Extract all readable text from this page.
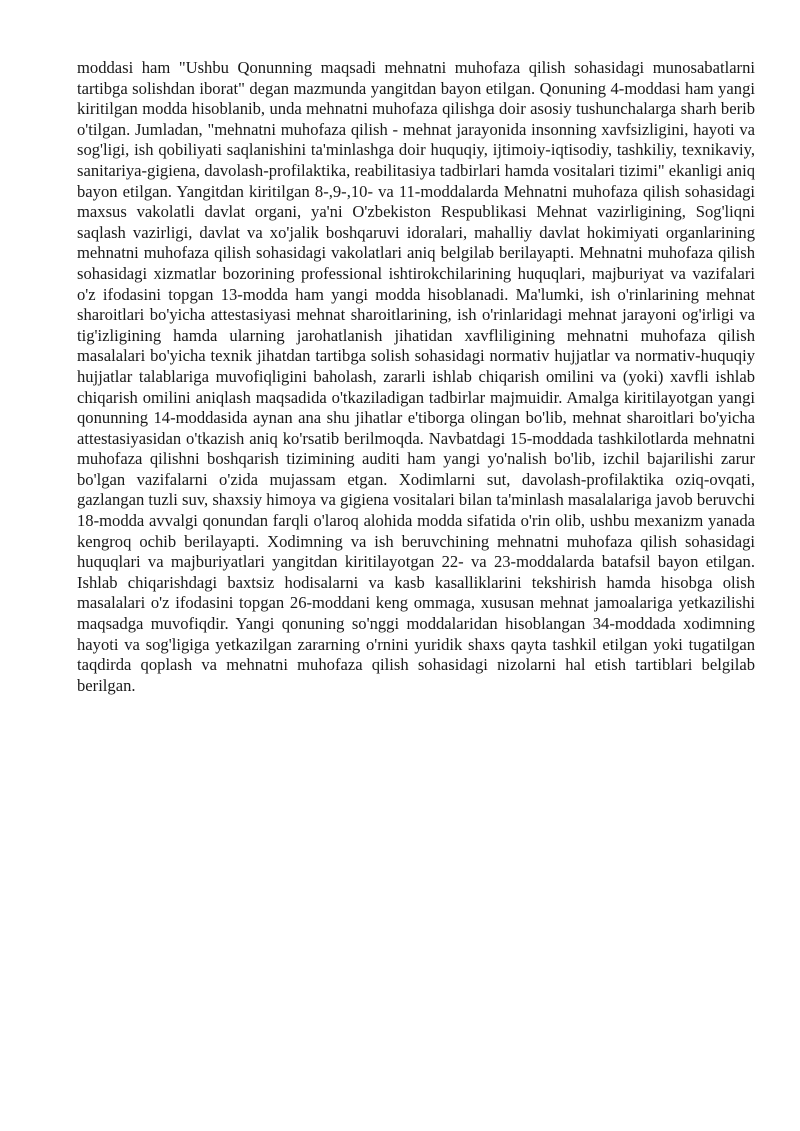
moddasi ham "Ushbu Qonunning maqsadi mehnatni muhofaza qilish sohasidagi munosabatlarni tartibga solishdan iborat" degan mazmunda yangitdan bayon etilgan. Qonuning 4-moddasi ham yangi kiritilgan modda hisoblanib, unda mehnatni muhofaza qilishga doir asosiy tushunchalarga sharh berib o'tilgan. Jumladan, "mehnatni muhofaza qilish - mehnat jarayonida insonning xavfsizligini, hayoti va sog'ligi, ish qobiliyati saqlanishini ta'minlashga doir huquqiy, ijtimoiy-iqtisodiy, tashkiliy, texnikaviy, sanitariya-gigiena, davolash-profilaktika, reabilitasiya tadbirlari hamda vositalari tizimi" ekanligi aniq bayon etilgan. Yangitdan kiritilgan 8-,9-,10- va 11-moddalarda Mehnatni muhofaza qilish sohasidagi maxsus vakolatli davlat organi, ya'ni O'zbekiston Respublikasi Mehnat vazirligining, Sog'liqni saqlash vazirligi, davlat va xo'jalik boshqaruvi idoralari, mahalliy davlat hokimiyati organlarining mehnatni muhofaza qilish sohasidagi vakolatlari aniq belgilab berilayapti. Mehnatni muhofaza qilish sohasidagi xizmatlar bozorining professional ishtirokchilarining huquqlari, majburiyat va vazifalari o'z ifodasini topgan 13-modda ham yangi modda hisoblanadi. Ma'lumki, ish o'rinlarining mehnat sharoitlari bo'yicha attestasiyasi mehnat sharoitlarining, ish o'rinlaridagi mehnat jarayoni og'irligi va tig'izligining hamda ularning jarohatlanish jihatidan xavfliligining mehnatni muhofaza qilish masalalari bo'yicha texnik jihatdan tartibga solish sohasidagi normativ hujjatlar va normativ-huquqiy hujjatlar talablariga muvofiqligini baholash, zararli ishlab chiqarish omilini va (yoki) xavfli ishlab chiqarish omilini aniqlash maqsadida o'tkaziladigan tadbirlar majmuidir. Amalga kiritilayotgan yangi qonunning 14-moddasida aynan ana shu jihatlar e'tiborga olingan bo'lib, mehnat sharoitlari bo'yicha attestasiyasidan o'tkazish aniq ko'rsatib berilmoqda. Navbatdagi 15-moddada tashkilotlarda mehnatni muhofaza qilishni boshqarish tizimining auditi ham yangi yo'nalish bo'lib, izchil bajarilishi zarur bo'lgan vazifalarni o'zida mujassam etgan. Xodimlarni sut, davolash-profilaktika oziq-ovqati, gazlangan tuzli suv, shaxsiy himoya va gigiena vositalari bilan ta'minlash masalalariga javob beruvchi 18-modda avvalgi qonundan farqli o'laroq alohida modda sifatida o'rin olib, ushbu mexanizm yanada kengroq ochib berilayapti. Xodimning va ish beruvchining mehnatni muhofaza qilish sohasidagi huquqlari va majburiyatlari yangitdan kiritilayotgan 22- va 23-moddalarda batafsil bayon etilgan. Ishlab chiqarishdagi baxtsiz hodisalarni va kasb kasalliklarini tekshirish hamda hisobga olish masalalari o'z ifodasini topgan 26-moddani keng ommaga, xususan mehnat jamoalariga yetkazilishi maqsadga muvofiqdir. Yangi qonuning so'nggi moddalaridan hisoblangan 34-moddada xodimning hayoti va sog'ligiga yetkazilgan zararning o'rnini yuridik shaxs qayta tashkil etilgan yoki tugatilgan taqdirda qoplash va mehnatni muhofaza qilish sohasidagi nizolarni hal etish tartiblari belgilab berilgan.
